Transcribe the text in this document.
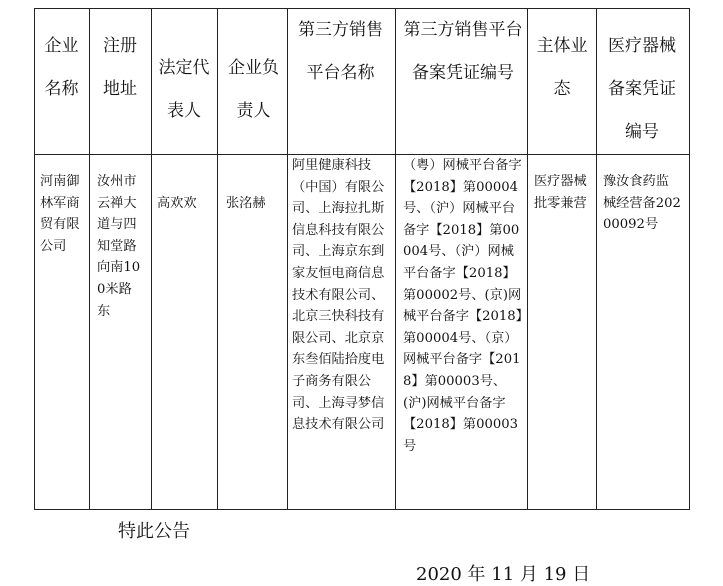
企业名称	注册地址	法定代表人	企业负责人	第三方销售平台名称	第三方销售平台备案凭证编号	主体业态	医疗器械备案凭证编号

河南御林军商贸有限公司	汝州市云禅大道与四知堂路向南100米路东	高欢欢	张洺赫	阿里健康科技（中国）有限公司、上海拉扎斯信息科技有限公司、上海京东到家友恒电商信息技术有限公司、北京三快科技有限公司、北京京东叁佰陆拾度电子商务有限公司、上海寻梦信息技术有限公司	（粤）网械平台备字【2018】第00004号、（沪）网械平台备字【2018】第00004号、（沪）网械平台备字【2018】第00002号、(京)网械平台备字【2018】第00004号、（京）网械平台备字【2018】第00003号、(沪)网械平台备字【2018】第00003号	医疗器械批零兼营	豫汝食药监械经营备20200092号
特此公告
2020 年 11 月 19 日
